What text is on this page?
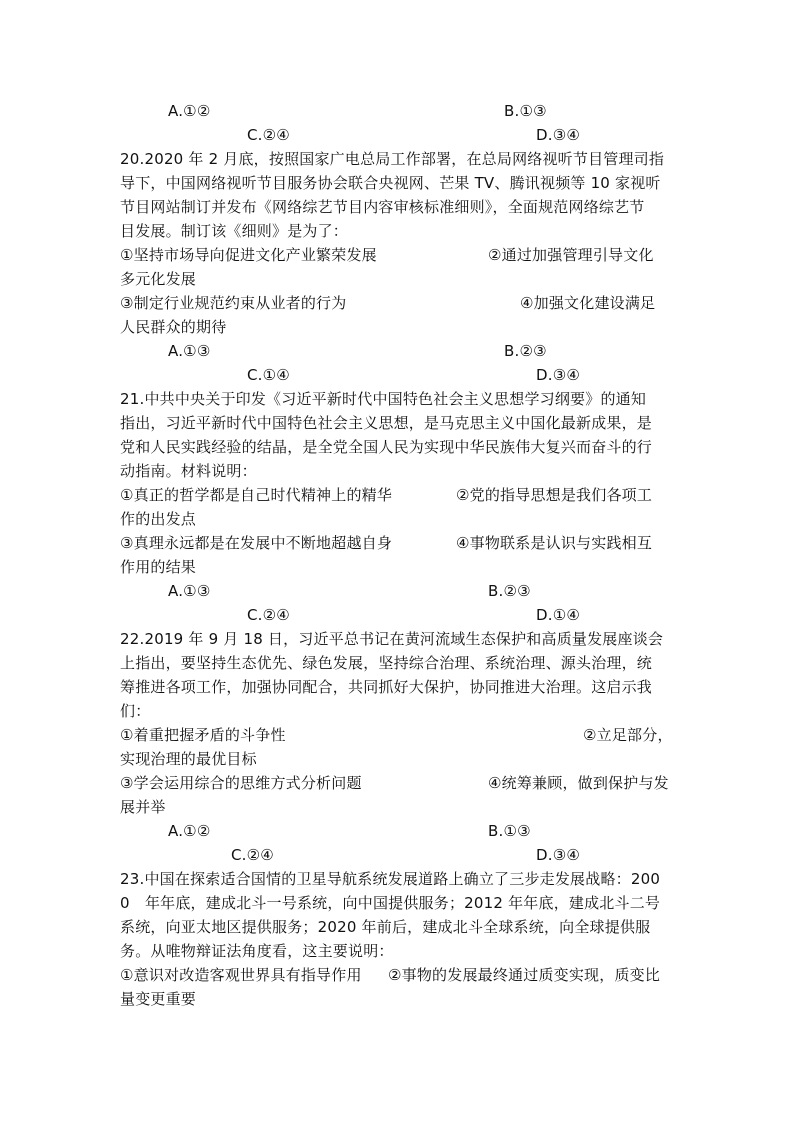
A.①②	B.①③
C.②④	D.③④
20.2020 年 2 月底，按照国家广电总局工作部署，在总局网络视听节目管理司指
导下，中国网络视听节目服务协会联合央视网、芒果 TV、腾讯视频等 10 家视听
节目网站制订并发布《网络综艺节目内容审核标准细则》，全面规范网络综艺节
目发展。制订该《细则》是为了：
①坚持市场导向促进文化产业繁荣发展	②通过加强管理引导文化
多元化发展
③制定行业规范约束从业者的行为	④加强文化建设满足
人民群众的期待
A.①③	B.②③
C.①④	D.③④
21.中共中央关于印发《习近平新时代中国特色社会主义思想学习纲要》的通知
指出，习近平新时代中国特色社会主义思想，是马克思主义中国化最新成果，是
党和人民实践经验的结晶，是全党全国人民为实现中华民族伟大复兴而奋斗的行
动指南。材料说明：
①真正的哲学都是自己时代精神上的精华	②党的指导思想是我们各项工
作的出发点
③真理永远都是在发展中不断地超越自身	④事物联系是认识与实践相互
作用的结果
A.①③	B.②③
C.②④	D.①④
22.2019 年 9 月 18 日，习近平总书记在黄河流域生态保护和高质量发展座谈会
上指出，要坚持生态优先、绿色发展，坚持综合治理、系统治理、源头治理，统
筹推进各项工作，加强协同配合，共同抓好大保护，协同推进大治理。这启示我
们：
①着重把握矛盾的斗争性	②立足部分，
实现治理的最优目标
③学会运用综合的思维方式分析问题	④统筹兼顾，做到保护与发
展并举
A.①②	B.①③
C.②④	D.③④
23.中国在探索适合国情的卫星导航系统发展道路上确立了三步走发展战略：200
0　年年底，建成北斗一号系统，向中国提供服务；2012 年年底，建成北斗二号
系统，向亚太地区提供服务；2020 年前后，建成北斗全球系统，向全球提供服
务。从唯物辩证法角度看，这主要说明：
①意识对改造客观世界具有指导作用 ②事物的发展最终通过质变实现，质变比
量变更重要
